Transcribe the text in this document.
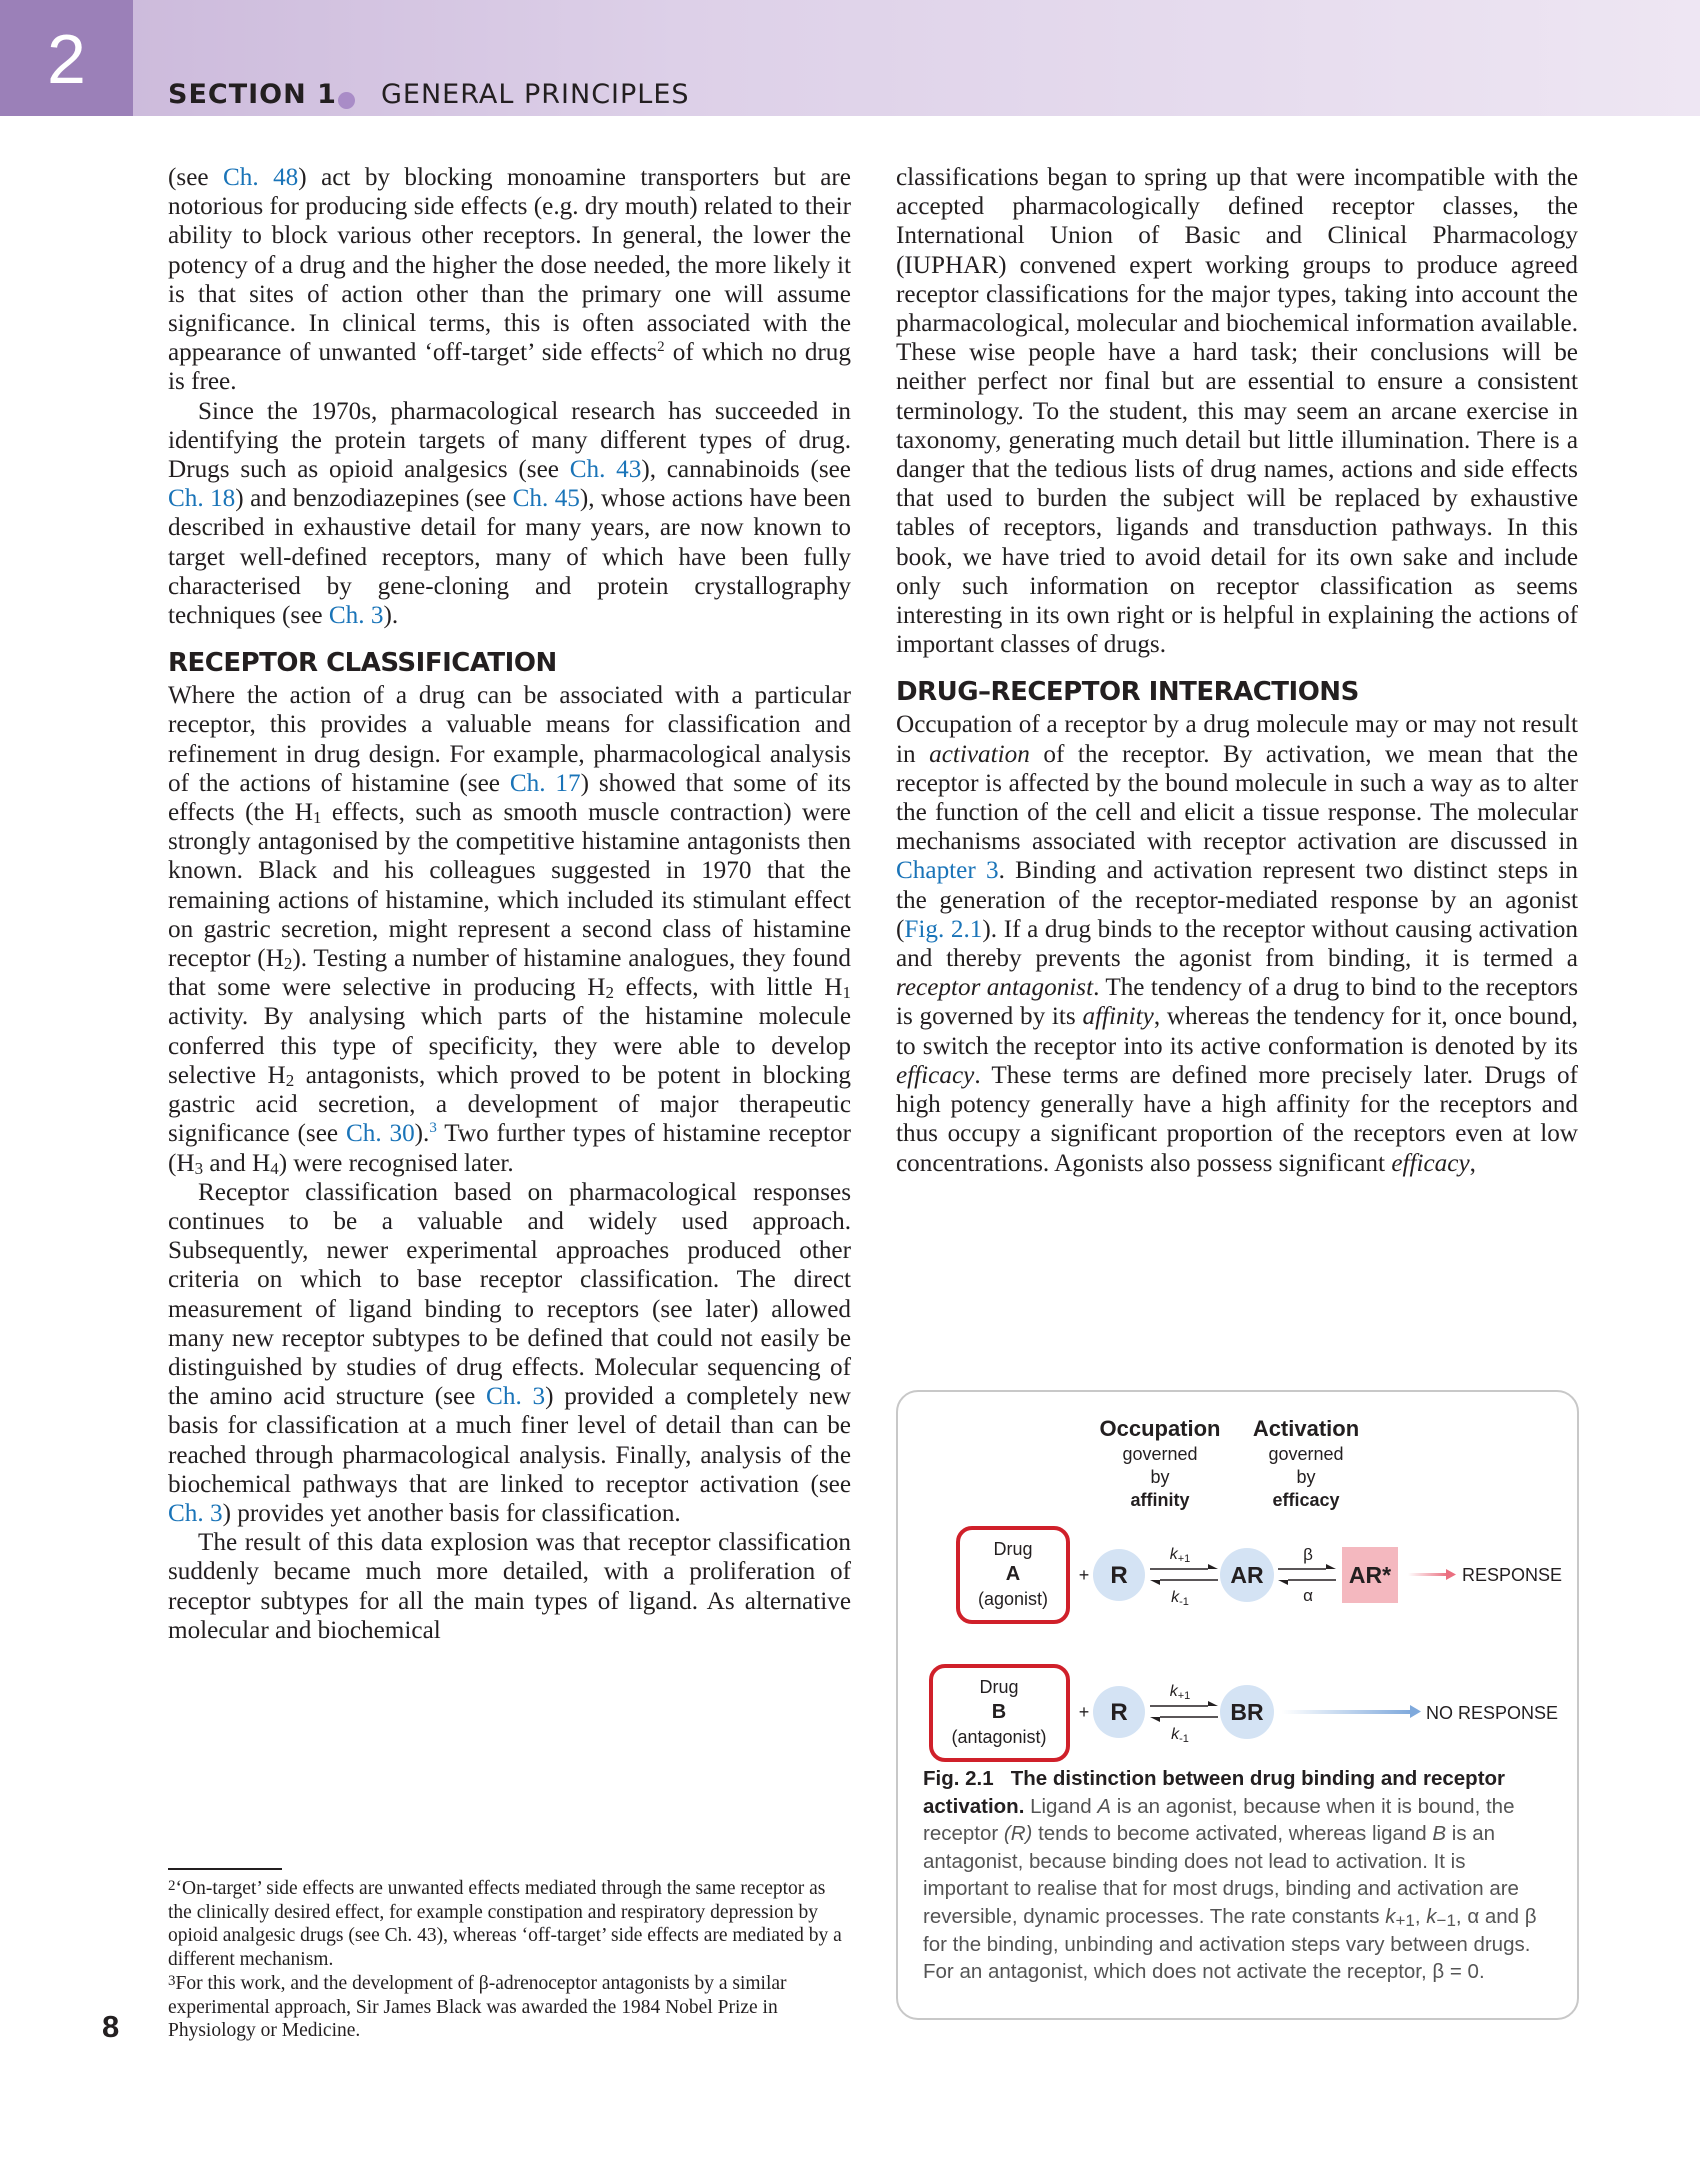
2	SECTION 1 GENERAL PRINCIPLES

(see Ch. 48) act by blocking monoamine transporters but are notorious for producing side effects (e.g. dry mouth) related to their ability to block various other receptors. In general, the lower the potency of a drug and the higher the dose needed, the more likely it is that sites of action other than the primary one will assume significance. In clinical terms, this is often associated with the appearance of unwanted ‘off-target’ side effects$^2$ of which no drug is free.

Since the 1970s, pharmacological research has succeeded in identifying the protein targets of many different types of drug. Drugs such as opioid analgesics (see Ch. 43), cannabinoids (see Ch. 18) and benzodiazepines (see Ch. 45), whose actions have been described in exhaustive detail for many years, are now known to target well-defined receptors, many of which have been fully characterised by gene-cloning and protein crystallography techniques (see Ch. 3).

RECEPTOR CLASSIFICATION

Where the action of a drug can be associated with a particular receptor, this provides a valuable means for classification and refinement in drug design. For example, pharmacological analysis of the actions of histamine (see Ch. 17) showed that some of its effects (the $H_1$ effects, such as smooth muscle contraction) were strongly antagonised by the competitive histamine antagonists then known. Black and his colleagues suggested in 1970 that the remaining actions of histamine, which included its stimulant effect on gastric secretion, might represent a second class of histamine receptor $(H_2)$. Testing a number of histamine analogues, they found that some were selective in producing $H_2$ effects, with little $H_1$ activity. By analysing which parts of the histamine molecule conferred this type of specificity, they were able to develop selective $H_2$ antagonists, which proved to be potent in blocking gastric acid secretion, a development of major therapeutic significance (see Ch. 30).$^3$ Two further types of histamine receptor ($H_3$ and $H_4$) were recognised later.

Receptor classification based on pharmacological responses continues to be a valuable and widely used approach. Subsequently, newer experimental approaches produced other criteria on which to base receptor classification. The direct measurement of ligand binding to receptors (see later) allowed many new receptor subtypes to be defined that could not easily be distinguished by studies of drug effects. Molecular sequencing of the amino acid structure (see Ch. 3) provided a completely new basis for classification at a much finer level of detail than can be reached through pharmacological analysis. Finally, analysis of the biochemical pathways that are linked to receptor activation (see Ch. 3) provides yet another basis for classification.

The result of this data explosion was that receptor classification suddenly became much more detailed, with a proliferation of receptor subtypes for all the main types of ligand. As alternative molecular and biochemical

classifications began to spring up that were incompatible with the accepted pharmacologically defined receptor classes, the International Union of Basic and Clinical Pharmacology (IUPHAR) convened expert working groups to produce agreed receptor classifications for the major types, taking into account the pharmacological, molecular and biochemical information available. These wise people have a hard task; their conclusions will be neither perfect nor final but are essential to ensure a consistent terminology. To the student, this may seem an arcane exercise in taxonomy, generating much detail but little illumination. There is a danger that the tedious lists of drug names, actions and side effects that used to burden the subject will be replaced by exhaustive tables of receptors, ligands and transduction pathways. In this book, we have tried to avoid detail for its own sake and include only such information on receptor classification as seems interesting in its own right or is helpful in explaining the actions of important classes of drugs.

DRUG–RECEPTOR INTERACTIONS

Occupation of a receptor by a drug molecule may or may not result in activation of the receptor. By activation, we mean that the receptor is affected by the bound molecule in such a way as to alter the function of the cell and elicit a tissue response. The molecular mechanisms associated with receptor activation are discussed in Chapter 3. Binding and activation represent two distinct steps in the generation of the receptor-mediated response by an agonist (Fig. 2.1). If a drug binds to the receptor without causing activation and thereby prevents the agonist from binding, it is termed a receptor antagonist. The tendency of a drug to bind to the receptors is governed by its affinity, whereas the tendency for it, once bound, to switch the receptor into its active conformation is denoted by its efficacy. These terms are defined more precisely later. Drugs of high potency generally have a high affinity for the receptors and thus occupy a significant proportion of the receptors even at low concentrations. Agonists also possess significant efficacy,

Occupation
governed
by
affinity
Activation
governed
by
efficacy
Drug
A
(agonist)
+ R
k+1
k-1
AR
β
α
AR*	RESPONSE
Drug
B
(antagonist)
+ R
k+1
k-1
BR	NO RESPONSE
Fig. 2.1 The distinction between drug binding and receptor activation. Ligand A is an agonist, because when it is bound, the receptor (R) tends to become activated, whereas ligand B is an antagonist, because binding does not lead to activation. It is important to realise that for most drugs, binding and activation are reversible, dynamic processes. The rate constants $k_{+1}$, $k_{-1}$, α and β for the binding, unbinding and activation steps vary between drugs. For an antagonist, which does not activate the receptor, β = 0.

$^2$‘On-target’ side effects are unwanted effects mediated through the same receptor as the clinically desired effect, for example constipation and respiratory depression by opioid analgesic drugs (see Ch. 43), whereas ‘off-target’ side effects are mediated by a different mechanism.

$^3$For this work, and the development of β-adrenoceptor antagonists by a similar experimental approach, Sir James Black was awarded the 1984 Nobel Prize in Physiology or Medicine.

8
